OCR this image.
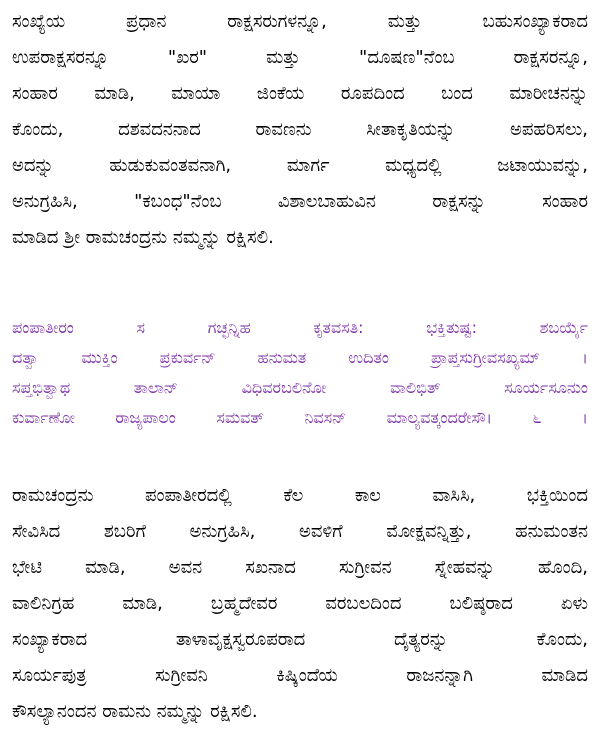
ಸಂಖ್ಯೆಯ ಪ್ರಧಾನ ರಾಕ್ಷಸರುಗಳನ್ನೂ, ಮತ್ತು ಬಹುಸಂಖ್ಯಾಕರಾದ
ಉಪರಾಕ್ಷಸರನ್ನೂ "ಖರ" ಮತ್ತು "ದೂಷಣ"ನೆಂಬ ರಾಕ್ಷಸರನ್ನೂ,
ಸಂಹಾರ ಮಾಡಿ, ಮಾಯಾ ಜಿಂಕೆಯ ರೂಪದಿಂದ ಬಂದ ಮಾರೀಚನನ್ನು
ಕೊಂದು, ದಶವದನನಾದ ರಾವಣನು ಸೀತಾಕೃತಿಯನ್ನು ಅಪಹರಿಸಲು,
ಅದನ್ನು ಹುಡುಕುವಂತವನಾಗಿ, ಮಾರ್ಗ ಮಧ್ಯದಲ್ಲಿ ಜಟಾಯುವನ್ನು,
ಅನುಗ್ರಹಿಸಿ, "ಕಬಂಧ"ನೆಂಬ ವಿಶಾಲಬಾಹುವಿನ ರಾಕ್ಷಸನ್ನು ಸಂಹಾರ
ಮಾಡಿದ ಶ್ರೀ ರಾಮಚಂದ್ರನು ನಮ್ಮನ್ನು ರಕ್ಷಿಸಲಿ.
ಪಂಪಾತೀರಂ ಸ ಗಚ್ಛನ್ನಿಹ ಕೃತವಸತಿ: ಭಕ್ತಿತುಷ್ಟ: ಶಬರ್ಯೈ
ದತ್ವಾ ಮುಕ್ತಿಂ ಪ್ರಕುರ್ವನ್ ಹನುಮತ ಉದಿತಂ ಪ್ರಾಪ್ತಸುಗ್ರೀವಸಖ್ಯಮ್ ।
ಸಪ್ತಭಿತ್ವಾಥ ತಾಲಾನ್ ವಿಧಿವರಬಲಿನೋ ವಾಲಿಭಿತ್ ಸೂರ್ಯಸೂನುಂ
ಕುರ್ವಾಣೋ ರಾಜ್ಯಪಾಲಂ ಸಮವತ್ ನಿವಸನ್ ಮಾಲ್ಯವತ್ಕಂದರೇಸೌ। ೬ ।
ರಾಮಚಂದ್ರನು ಪಂಪಾತೀರದಲ್ಲಿ ಕೆಲ ಕಾಲ ವಾಸಿಸಿ, ಭಕ್ತಿಯಿಂದ
ಸೇವಿಸಿದ ಶಬರಿಗೆ ಅನುಗ್ರಹಿಸಿ, ಅವಳಿಗೆ ಮೋಕ್ಷವನ್ನಿತ್ತು, ಹನುಮಂತನ
ಭೇಟಿ ಮಾಡಿ, ಅವನ ಸಖನಾದ ಸುಗ್ರೀವನ ಸ್ನೇಹವನ್ನು ಹೊಂದಿ,
ವಾಲಿನಿಗ್ರಹ ಮಾಡಿ, ಬ್ರಹ್ಮದೇವರ ವರಬಲದಿಂದ ಬಲಿಷ್ಠರಾದ ಏಳು
ಸಂಖ್ಯಾಕರಾದ ತಾಳಾವೃಕ್ಷಸ್ವರೂಪರಾದ ದೈತ್ಯರನ್ನು ಕೊಂದು,
ಸೂರ್ಯಪುತ್ರ ಸುಗ್ರೀವನಿ ಕಿಷ್ಕಿಂದೆಯ ರಾಜನನ್ನಾಗಿ ಮಾಡಿದ
ಕೌಸಲ್ಯಾನಂದನ ರಾಮನು ನಮ್ಮನ್ನು ರಕ್ಷಿಸಲಿ.
